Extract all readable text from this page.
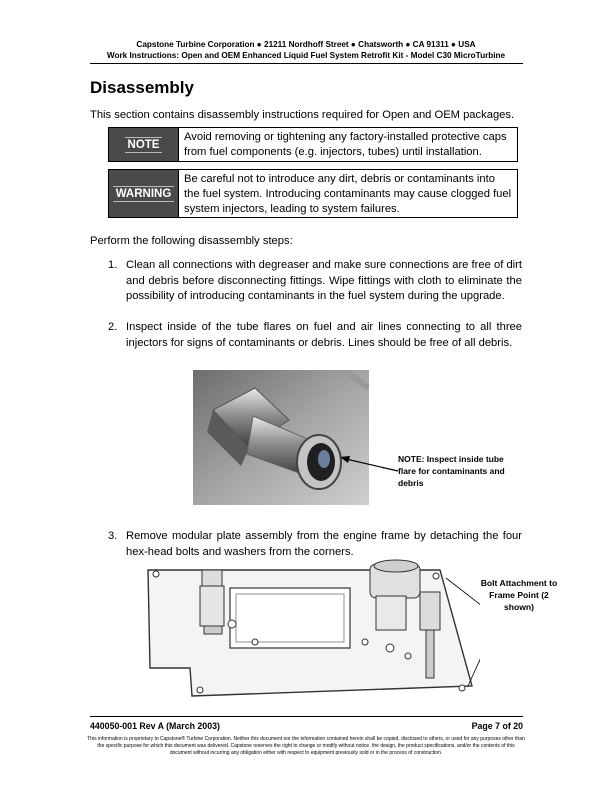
Capstone Turbine Corporation ● 21211 Nordhoff Street ● Chatsworth ● CA 91311 ● USA
Work Instructions: Open and OEM Enhanced Liquid Fuel System Retrofit Kit - Model C30 MicroTurbine
Disassembly
This section contains disassembly instructions required for Open and OEM packages.
NOTE
Avoid removing or tightening any factory-installed protective caps from fuel components (e.g. injectors, tubes) until installation.
WARNING
Be careful not to introduce any dirt, debris or contaminants into the fuel system. Introducing contaminants may cause clogged fuel system injectors, leading to system failures.
Perform the following disassembly steps:
1. Clean all connections with degreaser and make sure connections are free of dirt and debris before disconnecting fittings. Wipe fittings with cloth to eliminate the possibility of introducing contaminants in the fuel system during the upgrade.
2. Inspect inside of the tube flares on fuel and air lines connecting to all three injectors for signs of contaminants or debris. Lines should be free of all debris.
NOTE: Inspect inside tube flare for contaminants and debris
3. Remove modular plate assembly from the engine frame by detaching the four hex-head bolts and washers from the corners.
Bolt Attachment to Frame Point (2 shown)
440050-001 Rev A (March 2003)	Page 7 of 20
This information is proprietary to Capstone® Turbine Corporation. Neither this document nor the information contained herein shall be copied, disclosed to others, or used for any purposes other than the specific purpose for which this document was delivered. Capstone reserves the right to change or modify without notice, the design, the product specifications, and/or the contents of this document without incurring any obligation either with respect to equipment previously sold or in the process of construction.
